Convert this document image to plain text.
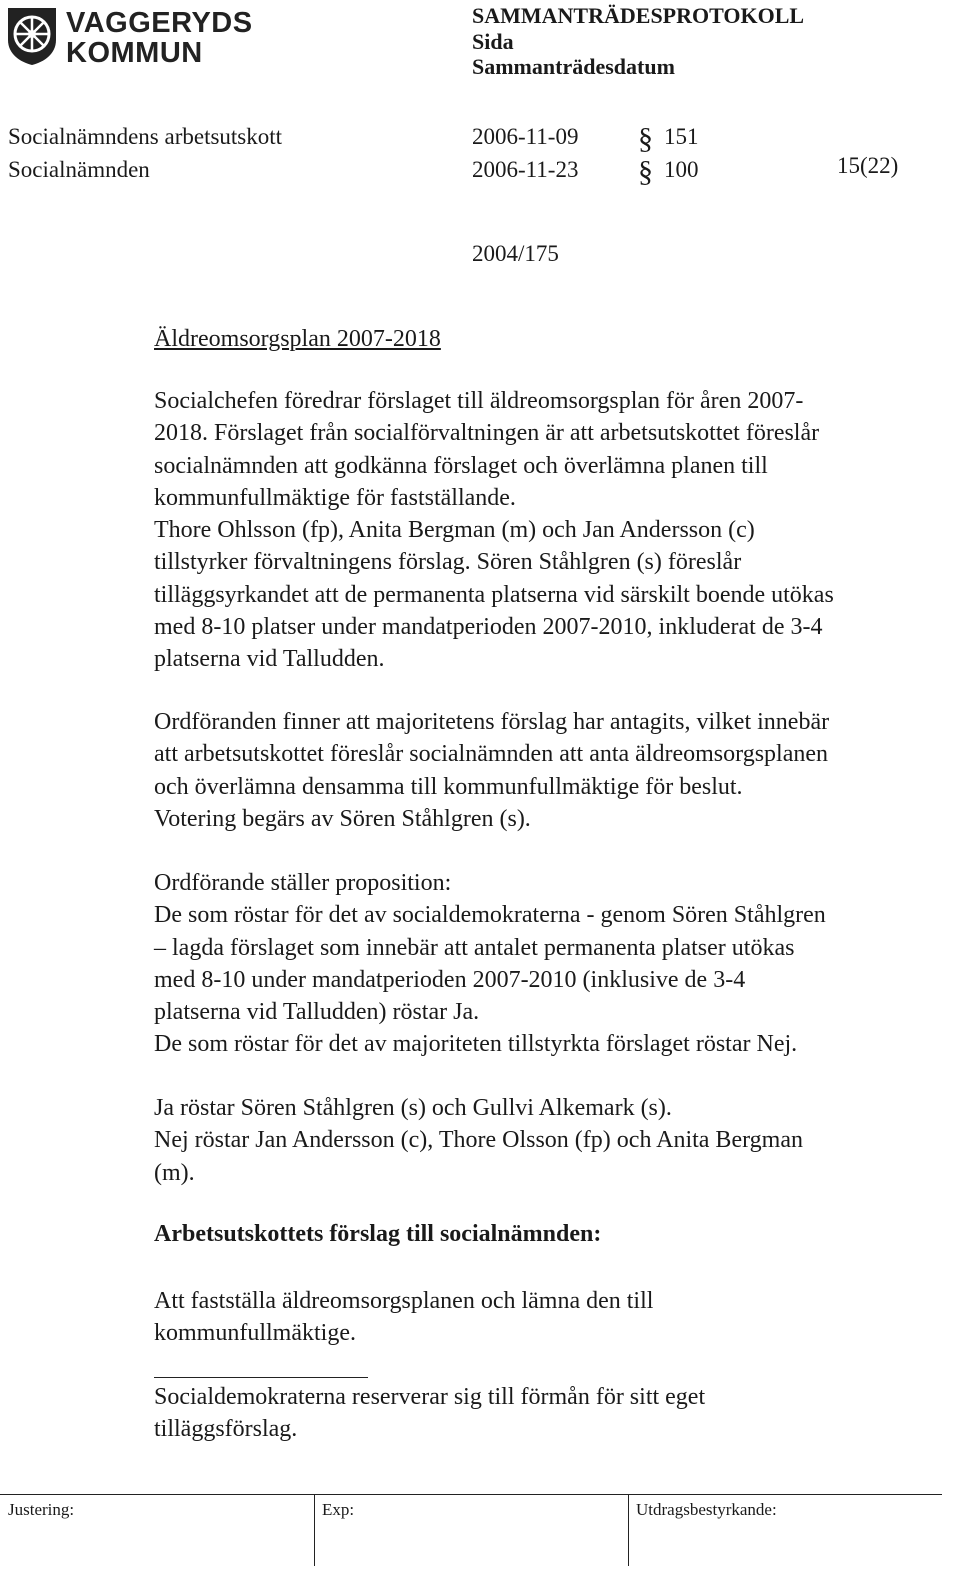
VAGGERYDS
KOMMUN
SAMMANTRÄDESPROTOKOLL
Sida
Sammanträdesdatum
Socialnämndens arbetsutskott	2006-11-09 § 151
Socialnämnden	2006-11-23 § 100	15(22)
2004/175
Äldreomsorgsplan 2007-2018
Socialchefen föredrar förslaget till äldreomsorgsplan för åren 2007-
2018. Förslaget från socialförvaltningen är att arbetsutskottet föreslår
socialnämnden att godkänna förslaget och överlämna planen till
kommunfullmäktige för fastställande.
Thore Ohlsson (fp), Anita Bergman (m) och Jan Andersson (c)
tillstyrker förvaltningens förslag. Sören Ståhlgren (s) föreslår
tilläggsyrkandet att de permanenta platserna vid särskilt boende utökas
med 8-10 platser under mandatperioden 2007-2010, inkluderat de 3-4
platserna vid Talludden.
Ordföranden finner att majoritetens förslag har antagits, vilket innebär
att arbetsutskottet föreslår socialnämnden att anta äldreomsorgsplanen
och överlämna densamma till kommunfullmäktige för beslut.
Votering begärs av Sören Ståhlgren (s).
Ordförande ställer proposition:
De som röstar för det av socialdemokraterna - genom Sören Ståhlgren
– lagda förslaget som innebär att antalet permanenta platser utökas
med 8-10 under mandatperioden 2007-2010 (inklusive de 3-4
platserna vid Talludden) röstar Ja.
De som röstar för det av majoriteten tillstyrkta förslaget röstar Nej.
Ja röstar Sören Ståhlgren (s) och Gullvi Alkemark (s).
Nej röstar Jan Andersson (c), Thore Olsson (fp) och Anita Bergman
(m).
Arbetsutskottets förslag till socialnämnden:
Att fastställa äldreomsorgsplanen och lämna den till
kommunfullmäktige.
Socialdemokraterna reserverar sig till förmån för sitt eget
tilläggsförslag.
Justering:	Exp:	Utdragsbestyrkande:
